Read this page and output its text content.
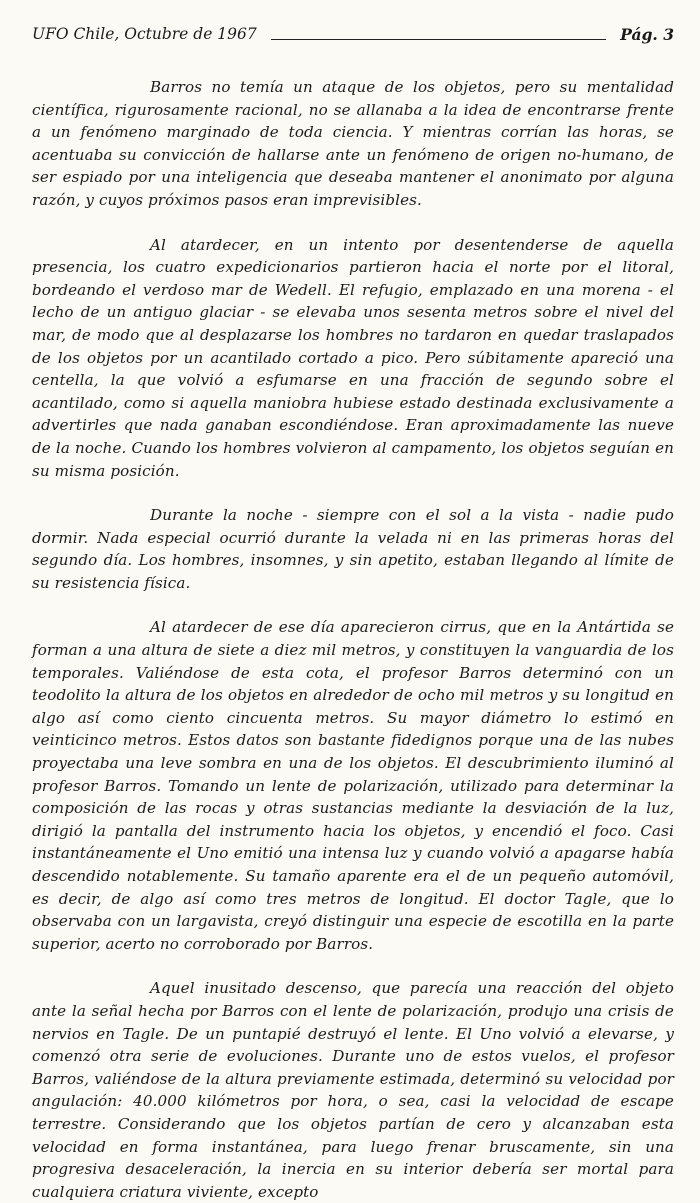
UFO Chile, Octubre de 1967	Pág. 3

Barros no temía un ataque de los objetos, pero su mentalidad científica, rigurosamente racional, no se allanaba a la idea de encontrarse frente a un fenómeno marginado de toda ciencia. Y mientras corrían las horas, se acentuaba su convicción de hallarse ante un fenómeno de origen no-humano, de ser espiado por una inteligencia que deseaba mantener el anonimato por alguna razón, y cuyos próximos pasos eran imprevisibles.

Al atardecer, en un intento por desentenderse de aquella presencia, los cuatro expedicionarios partieron hacia el norte por el litoral, bordeando el verdoso mar de Wedell. El refugio, emplazado en una morena - el lecho de un antiguo glaciar - se elevaba unos sesenta metros sobre el nivel del mar, de modo que al desplazarse los hombres no tardaron en quedar traslapados de los objetos por un acantilado cortado a pico. Pero súbitamente apareció una centella, la que volvió a esfumarse en una fracción de segundo sobre el acantilado, como si aquella maniobra hubiese estado destinada exclusivamente a advertirles que nada ganaban escondiéndose. Eran aproximadamente las nueve de la noche. Cuando los hombres volvieron al campamento, los objetos seguían en su misma posición.

Durante la noche - siempre con el sol a la vista - nadie pudo dormir. Nada especial ocurrió durante la velada ni en las primeras horas del segundo día. Los hombres, insomnes, y sin apetito, estaban llegando al límite de su resistencia física.

Al atardecer de ese día aparecieron cirrus, que en la Antártida se forman a una altura de siete a diez mil metros, y constituyen la vanguardia de los temporales. Valiéndose de esta cota, el profesor Barros determinó con un teodolito la altura de los objetos en alrededor de ocho mil metros y su longitud en algo así como ciento cincuenta metros. Su mayor diámetro lo estimó en veinticinco metros. Estos datos son bastante fidedignos porque una de las nubes proyectaba una leve sombra en una de los objetos. El descubrimiento iluminó al profesor Barros. Tomando un lente de polarización, utilizado para determinar la composición de las rocas y otras sustancias mediante la desviación de la luz, dirigió la pantalla del instrumento hacia los objetos, y encendió el foco. Casi instantáneamente el Uno emitió una intensa luz y cuando volvió a apagarse había descendido notablemente. Su tamaño aparente era el de un pequeño automóvil, es decir, de algo así como tres metros de longitud. El doctor Tagle, que lo observaba con un largavista, creyó distinguir una especie de escotilla en la parte superior, acerto no corroborado por Barros.

Aquel inusitado descenso, que parecía una reacción del objeto ante la señal hecha por Barros con el lente de polarización, produjo una crisis de nervios en Tagle. De un puntapié destruyó el lente. El Uno volvió a elevarse, y comenzó otra serie de evoluciones. Durante uno de estos vuelos, el profesor Barros, valiéndose de la altura previamente estimada, determinó su velocidad por angulación: 40.000 kilómetros por hora, o sea, casi la velocidad de escape terrestre. Considerando que los objetos partían de cero y alcanzaban esta velocidad en forma instantánea, para luego frenar bruscamente, sin una progresiva desaceleración, la inercia en su interior debería ser mortal para cualquiera criatura viviente, excepto
